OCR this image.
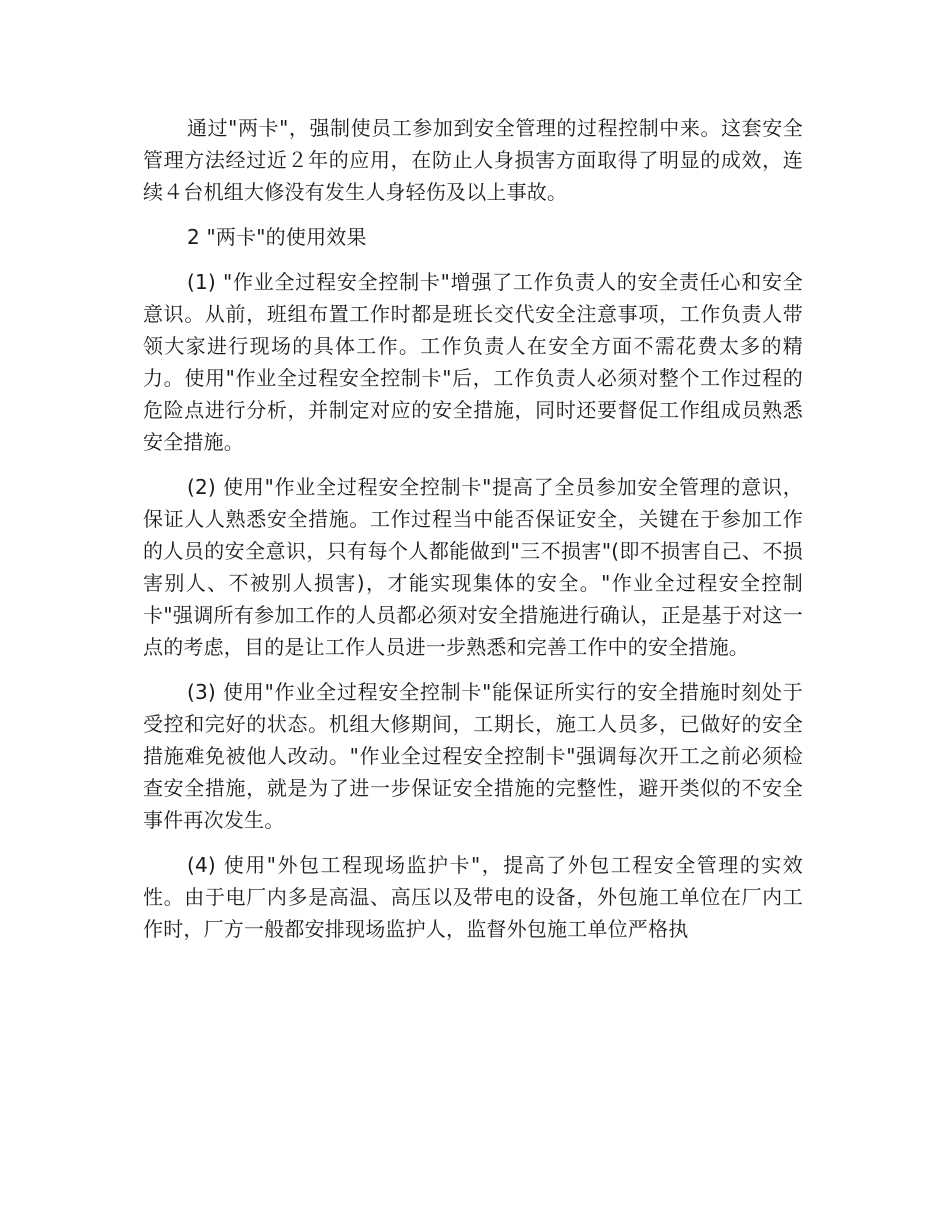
通过"两卡"，强制使员工参加到安全管理的过程控制中来。这套安全管理方法经过近２年的应用，在防止人身损害方面取得了明显的成效，连续４台机组大修没有发生人身轻伤及以上事故。

2 "两卡"的使用效果

(1) "作业全过程安全控制卡"增强了工作负责人的安全责任心和安全意识。从前，班组布置工作时都是班长交代安全注意事项，工作负责人带领大家进行现场的具体工作。工作负责人在安全方面不需花费太多的精力。使用"作业全过程安全控制卡"后，工作负责人必须对整个工作过程的危险点进行分析，并制定对应的安全措施，同时还要督促工作组成员熟悉安全措施。

(2) 使用"作业全过程安全控制卡"提高了全员参加安全管理的意识，保证人人熟悉安全措施。工作过程当中能否保证安全，关键在于参加工作的人员的安全意识，只有每个人都能做到"三不损害"(即不损害自己、不损害别人、不被别人损害)，才能实现集体的安全。"作业全过程安全控制卡"强调所有参加工作的人员都必须对安全措施进行确认，正是基于对这一点的考虑，目的是让工作人员进一步熟悉和完善工作中的安全措施。

(3) 使用"作业全过程安全控制卡"能保证所实行的安全措施时刻处于受控和完好的状态。机组大修期间，工期长，施工人员多，已做好的安全措施难免被他人改动。"作业全过程安全控制卡"强调每次开工之前必须检查安全措施，就是为了进一步保证安全措施的完整性，避开类似的不安全事件再次发生。

(4) 使用"外包工程现场监护卡"，提高了外包工程安全管理的实效性。由于电厂内多是高温、高压以及带电的设备，外包施工单位在厂内工作时，厂方一般都安排现场监护人，监督外包施工单位严格执
